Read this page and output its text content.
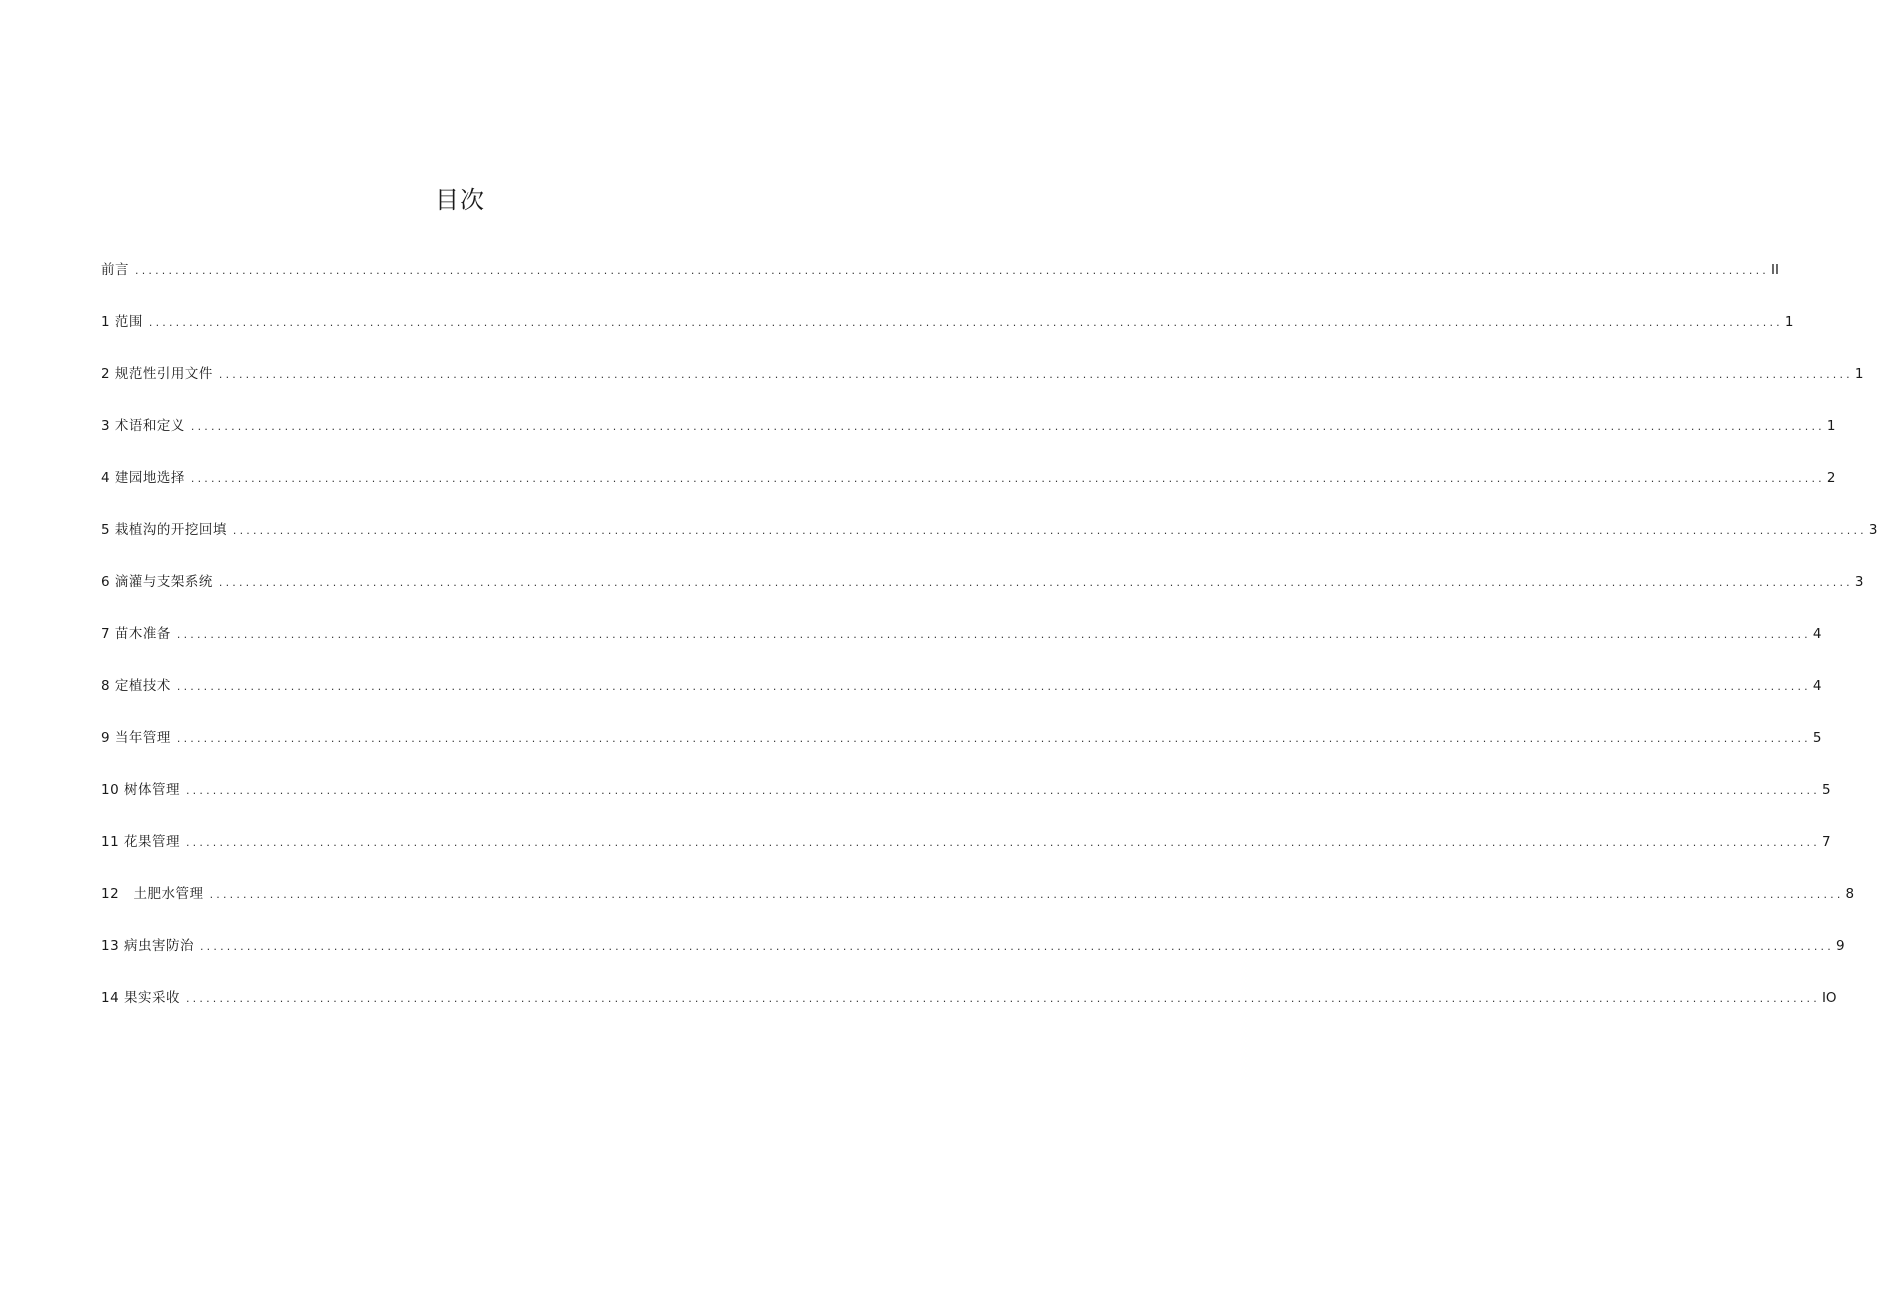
目次
前言 .................................................................................................................................................................................................................................................... II
1 范围 .................................................................................................................................................................................................................................................... 1
2 规范性引用文件 .................................................................................................................................................................................................................................................... 1
3 术语和定义 .................................................................................................................................................................................................................................................... 1
4 建园地选择 .................................................................................................................................................................................................................................................... 2
5 栽植沟的开挖回填 .................................................................................................................................................................................................................................................... 3
6 滴灌与支架系统 .................................................................................................................................................................................................................................................... 3
7 苗木准备 .................................................................................................................................................................................................................................................... 4
8 定植技术 .................................................................................................................................................................................................................................................... 4
9 当年管理 .................................................................................................................................................................................................................................................... 5
10 树体管理 .................................................................................................................................................................................................................................................... 5
11 花果管理 .................................................................................................................................................................................................................................................... 7
12   土肥水管理 .................................................................................................................................................................................................................................................... 8
13 病虫害防治 .................................................................................................................................................................................................................................................... 9
14 果实采收 .................................................................................................................................................................................................................................................... IO
